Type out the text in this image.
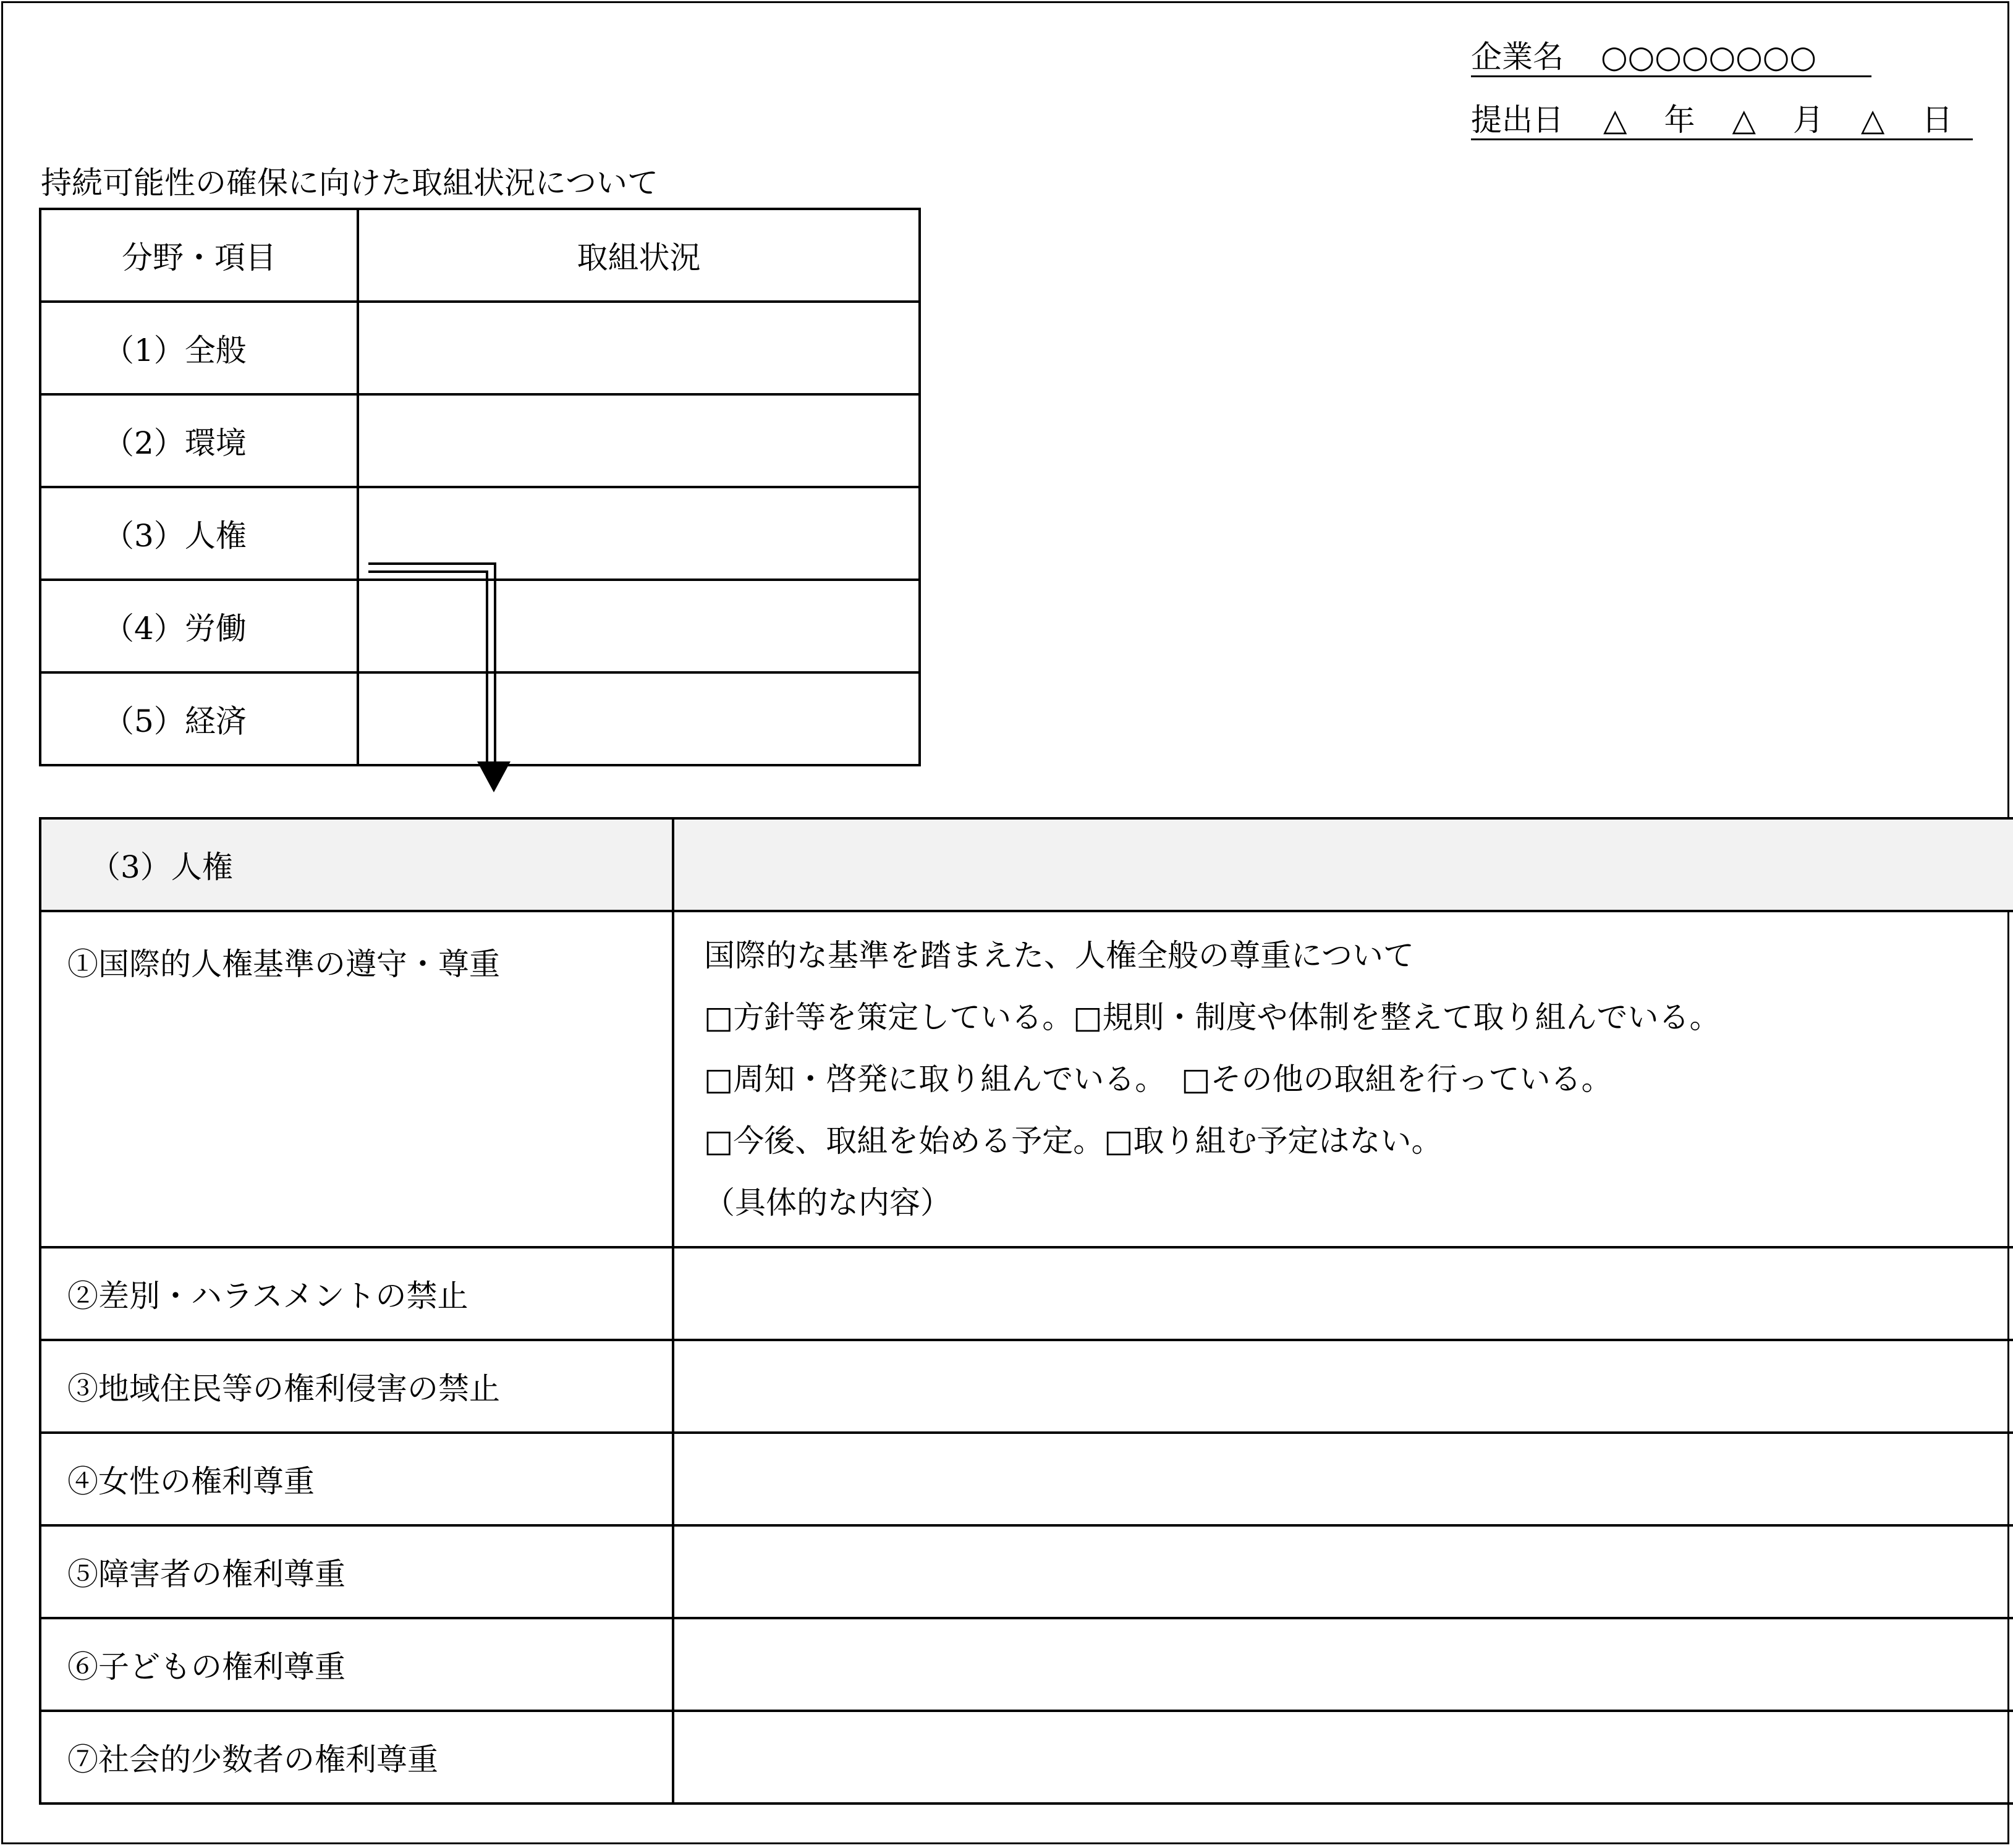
企業名 ○○○○○○○○
提出日 △ 年 △ 月 △ 日
持続可能性の確保に向けた取組状況について
分野・項目	取組状況
（1）全般	
（2）環境	
（3）人権	
（4）労働	
（5）経済	
（3）人権	
①国際的人権基準の遵守・尊重	国際的な基準を踏まえた、人権全般の尊重について
□方針等を策定している。□規則・制度や体制を整えて取り組んでいる。
□周知・啓発に取り組んでいる。　□その他の取組を行っている。
□今後、取組を始める予定。□取り組む予定はない。
（具体的な内容）

②差別・ハラスメントの禁止	
③地域住民等の権利侵害の禁止	
④女性の権利尊重	
⑤障害者の権利尊重	
⑥子どもの権利尊重	
⑦社会的少数者の権利尊重	
